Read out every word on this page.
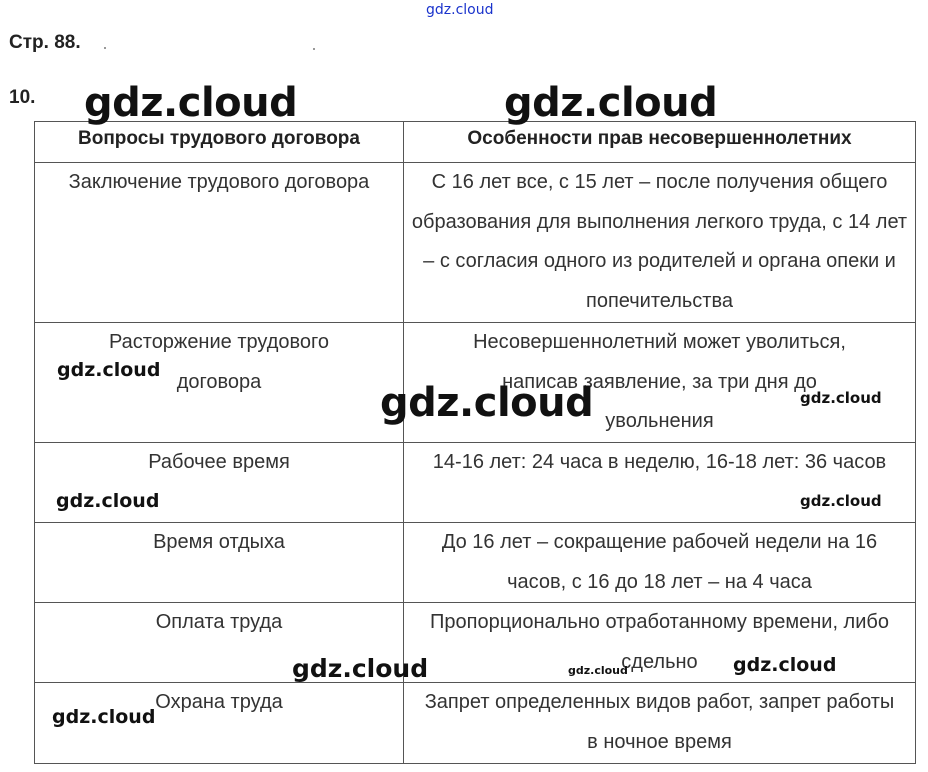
Стр. 88.
10.
Вопросы трудового договора	Особенности прав несовершеннолетних
Заключение трудового договора	С 16 лет все, с 15 лет – после получения общего образования для выполнения легкого труда, с 14 лет – с согласия одного из родителей и органа опеки и попечительства
Расторжение трудового договора	Несовершеннолетний может уволиться, написав заявление, за три дня до увольнения
Рабочее время	14-16 лет: 24 часа в неделю, 16-18 лет: 36 часов
Время отдыха	До 16 лет – сокращение рабочей недели на 16 часов, с 16 до 18 лет – на 4 часа
Оплата труда	Пропорционально отработанному времени, либо сдельно
Охрана труда	Запрет определенных видов работ, запрет работы в ночное время
gdz.cloud
gdz.cloud	gdz.cloud
gdz.cloud
gdz.cloud	gdz.cloud
gdz.cloud	gdz.cloud
gdz.cloud	gdz.cloud	gdz.cloud
gdz.cloud
